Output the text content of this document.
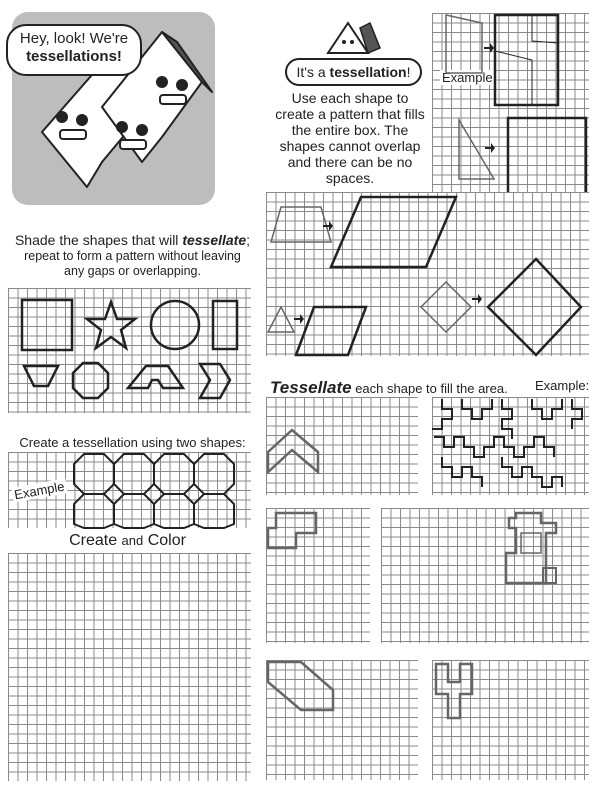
Hey, look! We're
tessellations!
It's a tessellation!
Use each shape to
create a pattern that fills
the entire box. The
shapes cannot overlap
and there can be no
spaces.
Example
Shade the shapes that will tessellate;
repeat to form a pattern without leaving
any gaps or overlapping.
Create a tessellation using two shapes:
Example
Create and Color
Tessellate each shape to fill the area. Example:
